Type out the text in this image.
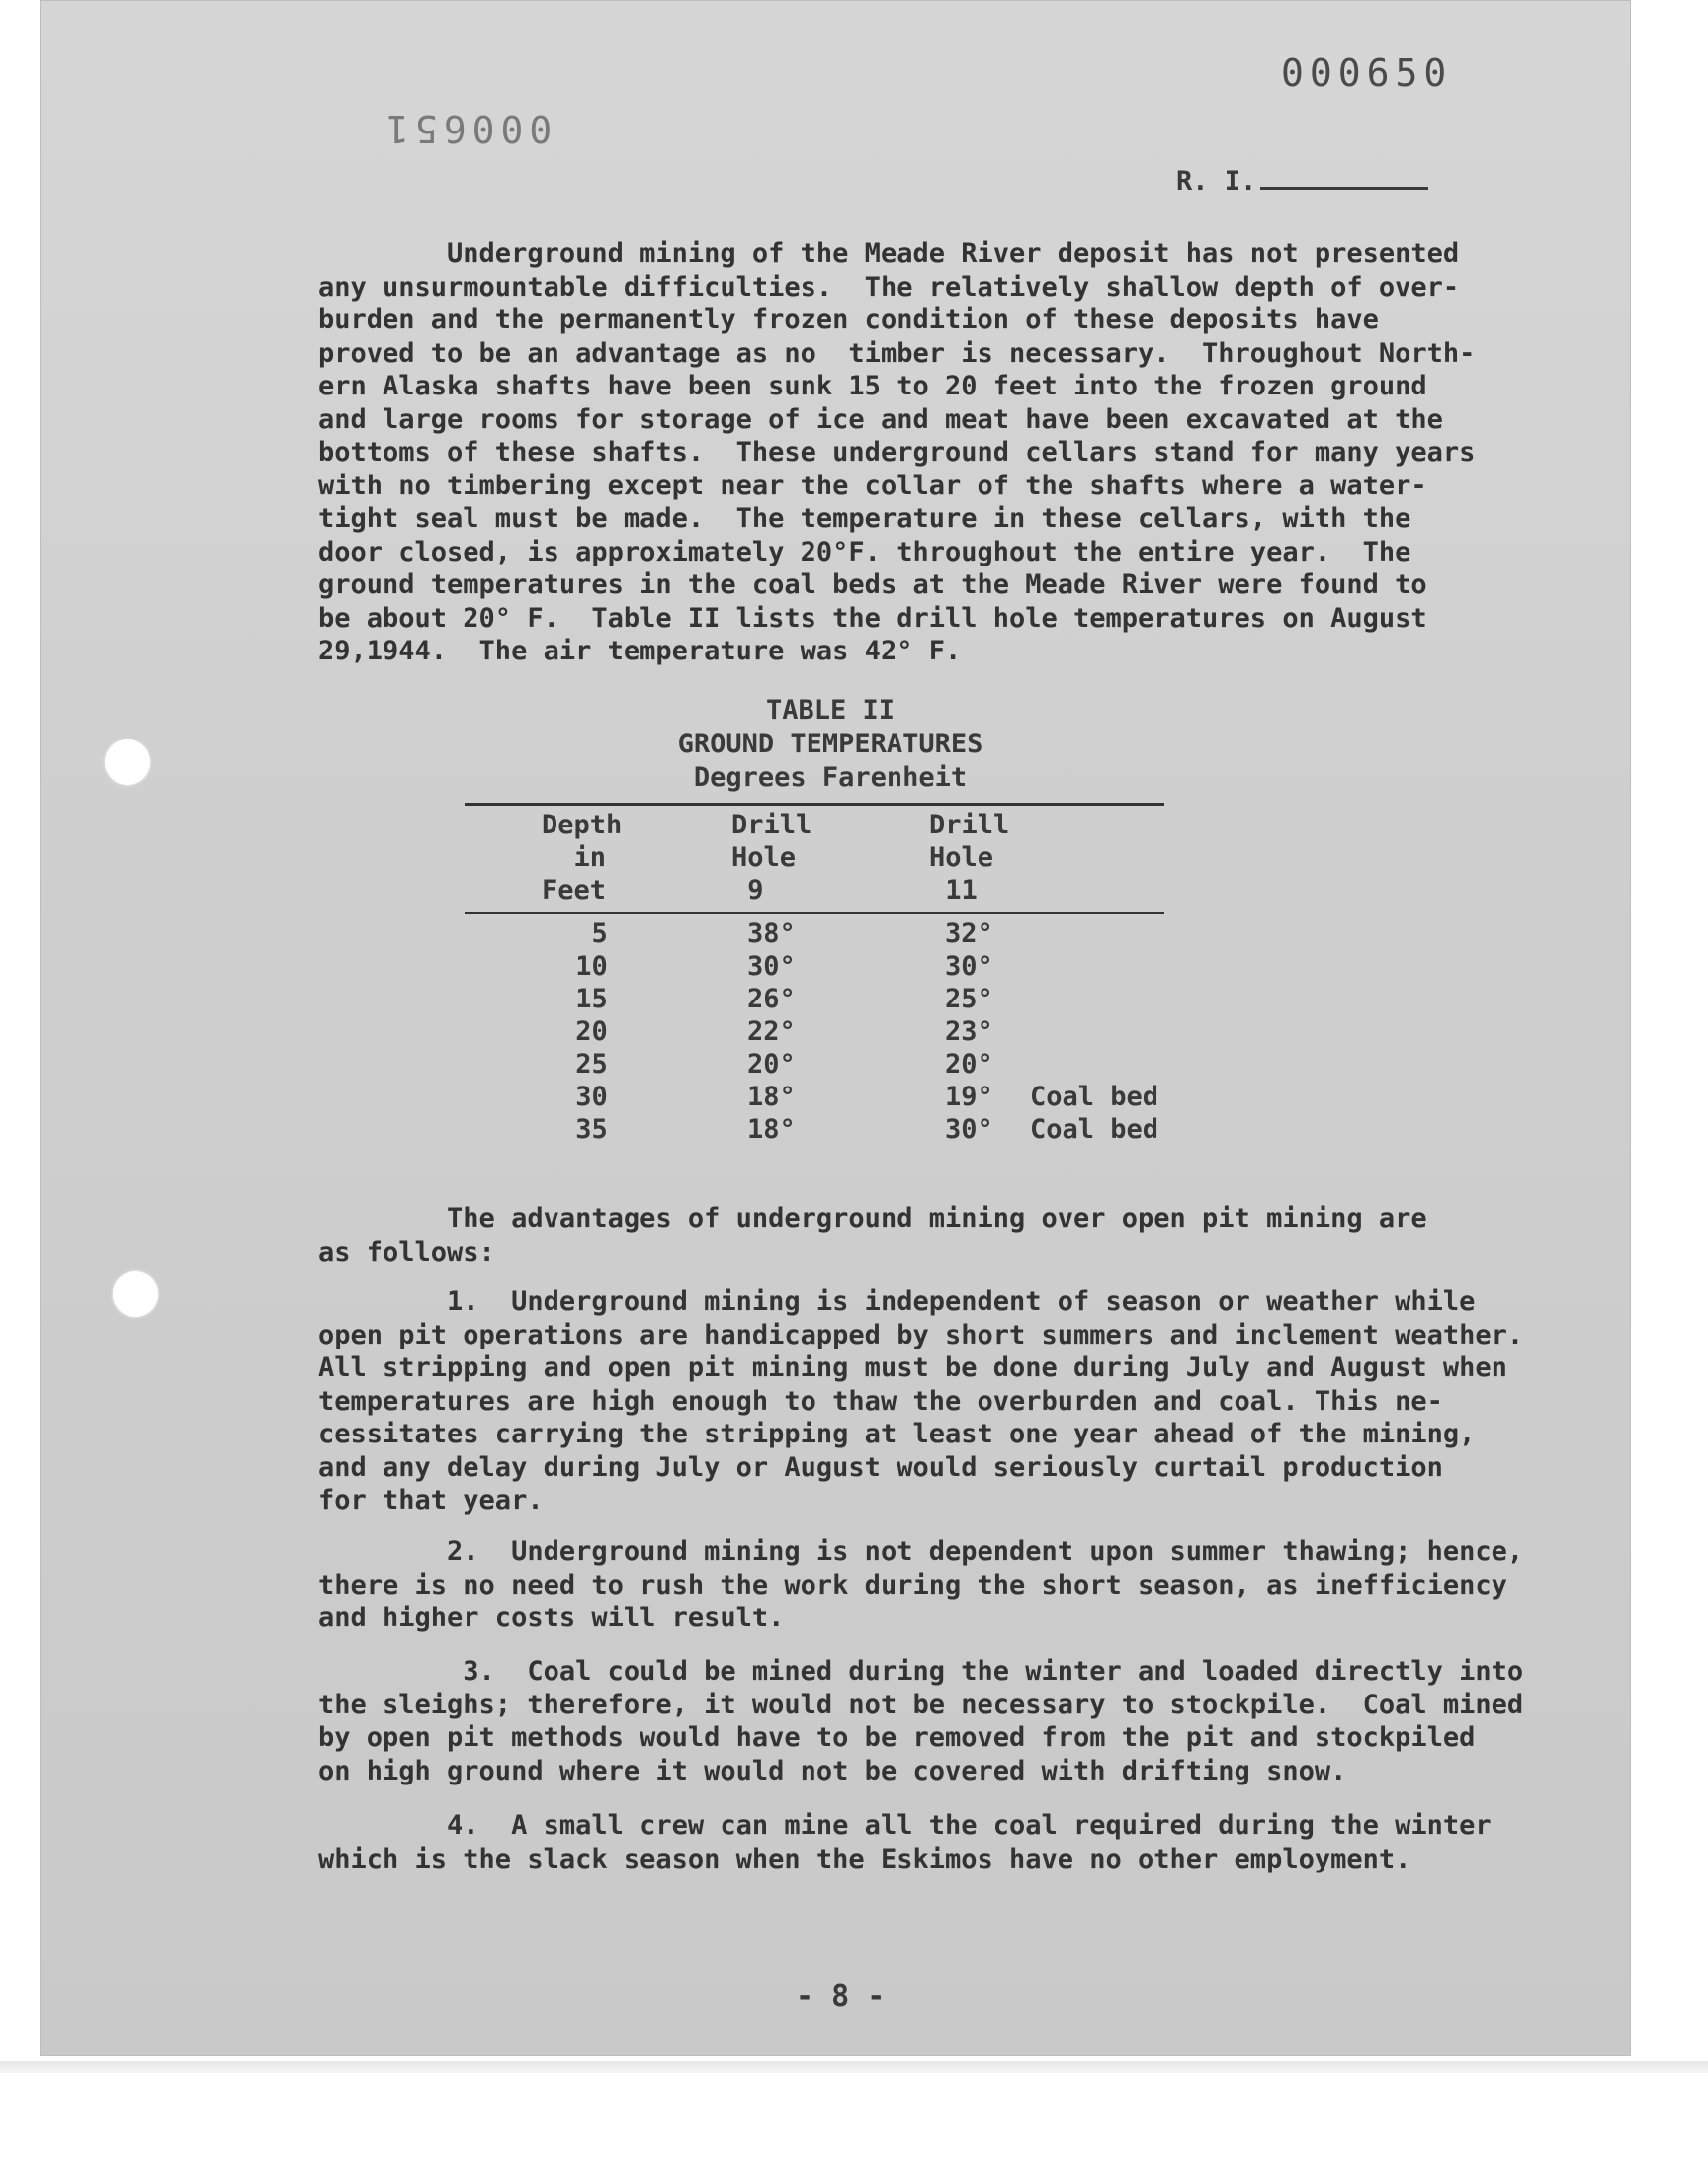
000650
000651
R. I.
Underground mining of the Meade River deposit has not presented
any unsurmountable difficulties.  The relatively shallow depth of over-
burden and the permanently frozen condition of these deposits have
proved to be an advantage as no  timber is necessary.  Throughout North-
ern Alaska shafts have been sunk 15 to 20 feet into the frozen ground
and large rooms for storage of ice and meat have been excavated at the
bottoms of these shafts.  These underground cellars stand for many years
with no timbering except near the collar of the shafts where a water-
tight seal must be made.  The temperature in these cellars, with the
door closed, is approximately 20°F. throughout the entire year.  The
ground temperatures in the coal beds at the Meade River were found to
be about 20° F.  Table II lists the drill hole temperatures on August
29,1944.  The air temperature was 42° F.
TABLE II
GROUND TEMPERATURES
Degrees Farenheit
Depth
in
Feet
Drill
Hole
9
Drill
Hole
11
5
10
15
20
25
30
35
38°
30°
26°
22°
20°
18°
18°
32°
30°
25°
23°
20°
19°
30°

Coal bed
Coal bed
The advantages of underground mining over open pit mining are
as follows:
1.  Underground mining is independent of season or weather while
open pit operations are handicapped by short summers and inclement weather.
All stripping and open pit mining must be done during July and August when
temperatures are high enough to thaw the overburden and coal. This ne-
cessitates carrying the stripping at least one year ahead of the mining,
and any delay during July or August would seriously curtail production
for that year.
2.  Underground mining is not dependent upon summer thawing; hence,
there is no need to rush the work during the short season, as inefficiency
and higher costs will result.
3.  Coal could be mined during the winter and loaded directly into
the sleighs; therefore, it would not be necessary to stockpile.  Coal mined
by open pit methods would have to be removed from the pit and stockpiled
on high ground where it would not be covered with drifting snow.
4.  A small crew can mine all the coal required during the winter
which is the slack season when the Eskimos have no other employment.
- 8 -
